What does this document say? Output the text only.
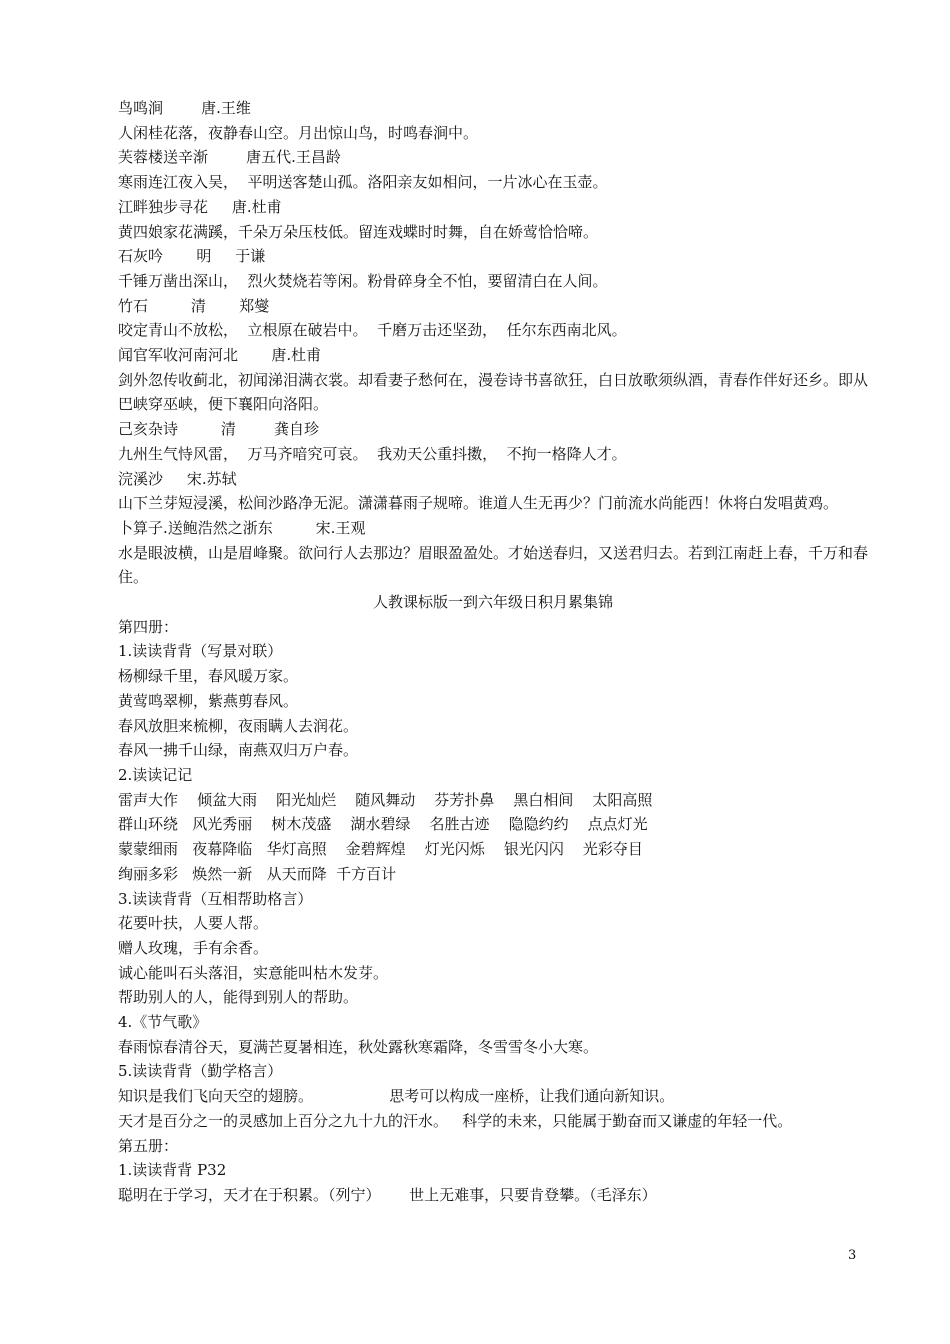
鸟鸣涧        唐.王维
人闲桂花落，夜静春山空。月出惊山鸟，时鸣春涧中。
芙蓉楼送辛渐        唐五代.王昌龄
寒雨连江夜入吴，  平明送客楚山孤。洛阳亲友如相问，一片冰心在玉壶。
江畔独步寻花     唐.杜甫
黄四娘家花满蹊，千朵万朵压枝低。留连戏蝶时时舞，自在娇莺恰恰啼。
石灰吟       明     于谦
千锤万凿出深山，  烈火焚烧若等闲。粉骨碎身全不怕，要留清白在人间。
竹石         清       郑燮
咬定青山不放松，  立根原在破岩中。  千磨万击还坚劲，  任尔东西南北风。
闻官军收河南河北       唐.杜甫
剑外忽传收蓟北，初闻涕泪满衣裳。却看妻子愁何在，漫卷诗书喜欲狂，白日放歌须纵酒，青春作伴好还乡。即从巴峡穿巫峡，便下襄阳向洛阳。
己亥杂诗         清        龚自珍
九州生气恃风雷，  万马齐喑究可哀。  我劝天公重抖擞，  不拘一格降人才。
浣溪沙     宋.苏轼
山下兰芽短浸溪，松间沙路净无泥。潇潇暮雨子规啼。谁道人生无再少？门前流水尚能西！休将白发唱黄鸡。
卜算子.送鲍浩然之浙东         宋.王观
水是眼波横，山是眉峰聚。欲问行人去那边？眉眼盈盈处。才始送春归，又送君归去。若到江南赶上春，千万和春住。
人教课标版一到六年级日积月累集锦
第四册：
1.读读背背（写景对联）
杨柳绿千里，春风暖万家。
黄莺鸣翠柳，紫燕剪春风。
春风放胆来梳柳，夜雨瞒人去润花。
春风一拂千山绿，南燕双归万户春。
2.读读记记
雷声大作    倾盆大雨    阳光灿烂    随风舞动    芬芳扑鼻    黑白相间    太阳高照
群山环绕   风光秀丽    树木茂盛    湖水碧绿    名胜古迹    隐隐约约    点点灯光
蒙蒙细雨   夜幕降临   华灯高照    金碧辉煌    灯光闪烁    银光闪闪    光彩夺目
绚丽多彩   焕然一新   从天而降  千方百计
3.读读背背（互相帮助格言）
花要叶扶，人要人帮。
赠人玫瑰，手有余香。
诚心能叫石头落泪，实意能叫枯木发芽。
帮助别人的人，能得到别人的帮助。
4.《节气歌》
春雨惊春清谷天，夏满芒夏暑相连，秋处露秋寒霜降，冬雪雪冬小大寒。
5.读读背背（勤学格言）
知识是我们飞向天空的翅膀。                思考可以构成一座桥，让我们通向新知识。
天才是百分之一的灵感加上百分之九十九的汗水。   科学的未来，只能属于勤奋而又谦虚的年轻一代。
第五册：
1.读读背背 P32
聪明在于学习，天才在于积累。（列宁）      世上无难事，只要肯登攀。（毛泽东）
3
